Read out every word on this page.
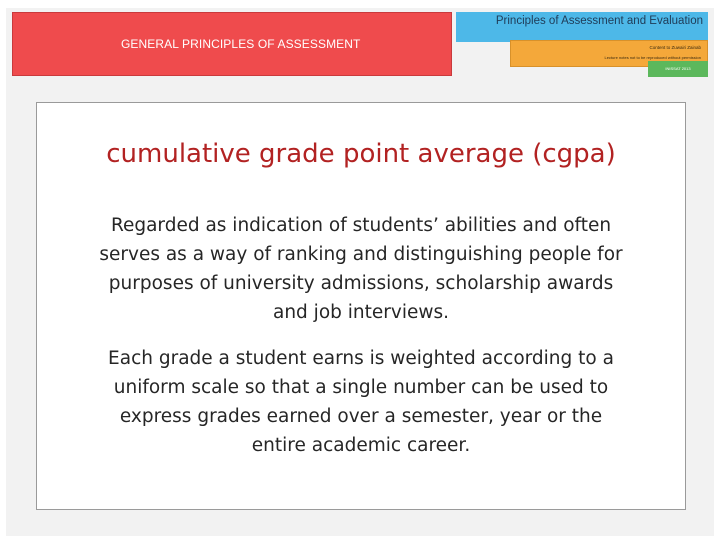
GENERAL PRINCIPLES OF ASSESSMENT
Principles of Assessment and Evaluation
Content to Zuwairi Zainab
Lecture notes not to be reproduced without permission
INISSAT 2013
cumulative grade point average (cgpa)

Regarded as indication of students’ abilities and often serves as a way of ranking and distinguishing people for purposes of university admissions, scholarship awards and job interviews.

Each grade a student earns is weighted according to a uniform scale so that a single number can be used to express grades earned over a semester, year or the entire academic career.
